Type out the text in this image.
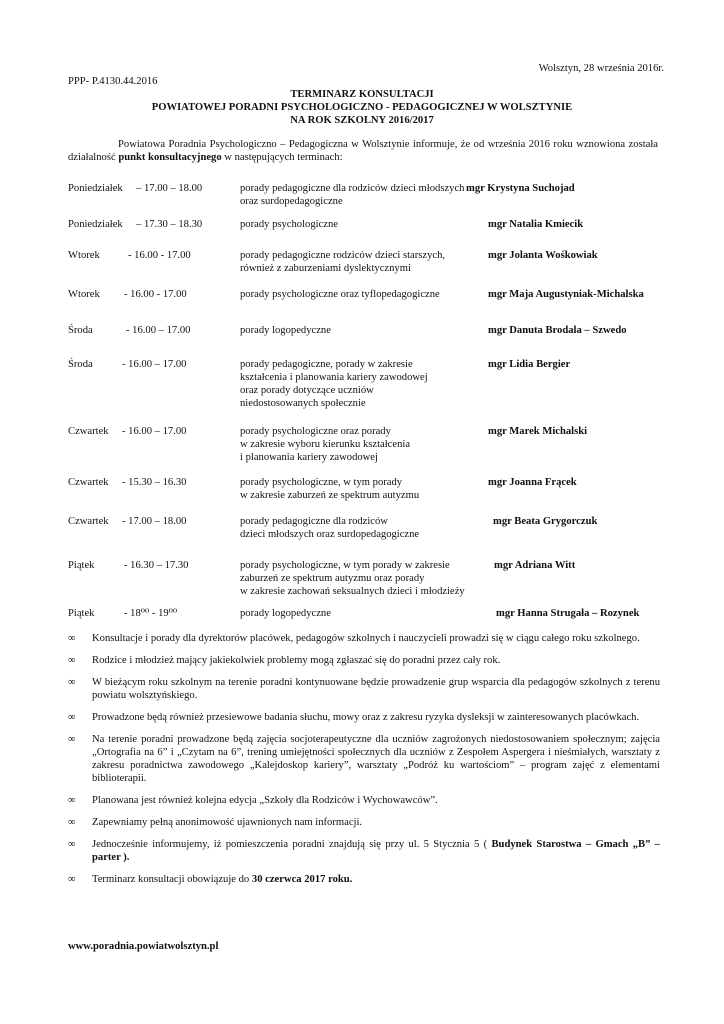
Wolsztyn, 28 września 2016r.
PPP- P.4130.44.2016
TERMINARZ KONSULTACJI
POWIATOWEJ PORADNI PSYCHOLOGICZNO - PEDAGOGICZNEJ W WOLSZTYNIE
NA ROK SZKOLNY 2016/2017
Powiatowa Poradnia Psychologiczno – Pedagogiczna w Wolsztynie informuje, że od września 2016 roku wznowiona została działalność punkt konsultacyjnego w następujących terminach:
Poniedziałek – 17.00 – 18.00	porady pedagogiczne dla rodziców dzieci młodszych
oraz surdopedagogiczne
mgr Krystyna Suchojad
Poniedziałek – 17.30 – 18.30	porady psychologiczne	mgr Natalia Kmiecik
Wtorek	- 16.00 - 17.00	porady pedagogiczne rodziców dzieci starszych,
również z zaburzeniami dyslektycznymi
mgr Jolanta Wośkowiak
Wtorek - 16.00 - 17.00	porady psychologiczne oraz tyflopedagogiczne	mgr Maja Augustyniak-Michalska
Środa	- 16.00 – 17.00	porady logopedyczne	mgr Danuta Brodala – Szwedo
Środa	- 16.00 – 17.00	porady pedagogiczne, porady w zakresie
kształcenia i planowania kariery zawodowej
oraz porady dotyczące uczniów
niedostosowanych społecznie
mgr Lidia Bergier
Czwartek - 16.00 – 17.00	porady psychologiczne oraz porady
w zakresie wyboru kierunku kształcenia
i planowania kariery zawodowej
mgr Marek Michalski
Czwartek - 15.30 – 16.30	porady psychologiczne, w tym porady
w zakresie zaburzeń ze spektrum autyzmu
mgr Joanna Frącek
Czwartek - 17.00 – 18.00	porady pedagogiczne dla rodziców
dzieci młodszych oraz surdopedagogiczne
mgr Beata Grygorczuk
Piątek	- 16.30 – 17.30	porady psychologiczne, w tym porady w zakresie
zaburzeń ze spektrum autyzmu oraz porady
w zakresie zachowań seksualnych dzieci i młodzieży
mgr Adriana Witt
Piątek	- 18⁰⁰ - 19⁰⁰	porady logopedyczne	mgr Hanna Strugała – Rozynek
∞ Konsultacje i porady dla dyrektorów placówek, pedagogów szkolnych i nauczycieli prowadzi się w ciągu całego roku szkolnego.
∞ Rodzice i młodzież mający jakiekolwiek problemy mogą zgłaszać się do poradni przez cały rok.
∞ W bieżącym roku szkolnym na terenie poradni kontynuowane będzie prowadzenie grup wsparcia dla pedagogów szkolnych z terenu powiatu wolsztyńskiego.
∞ Prowadzone będą również przesiewowe badania słuchu, mowy oraz z zakresu ryzyka dysleksji w zainteresowanych placówkach.
∞ Na terenie poradni prowadzone będą zajęcia socjoterapeutyczne dla uczniów zagrożonych niedostosowaniem społecznym; zajęcia „Ortografia na 6” i „Czytam na 6”, trening umiejętności społecznych dla uczniów z Zespołem Aspergera i nieśmiałych, warsztaty z zakresu poradnictwa zawodowego „Kalejdoskop kariery”, warsztaty „Podróż ku wartościom” – program zajęć z elementami biblioterapii.
∞ Planowana jest również kolejna edycja „Szkoły dla Rodziców i Wychowawców”.
∞ Zapewniamy pełną anonimowość ujawnionych nam informacji.
∞ Jednocześnie informujemy, iż pomieszczenia poradni znajdują się przy ul. 5 Stycznia 5 ( Budynek Starostwa – Gmach „B” – parter ).
∞ Terminarz konsultacji obowiązuje do 30 czerwca 2017 roku.
www.poradnia.powiatwolsztyn.pl
